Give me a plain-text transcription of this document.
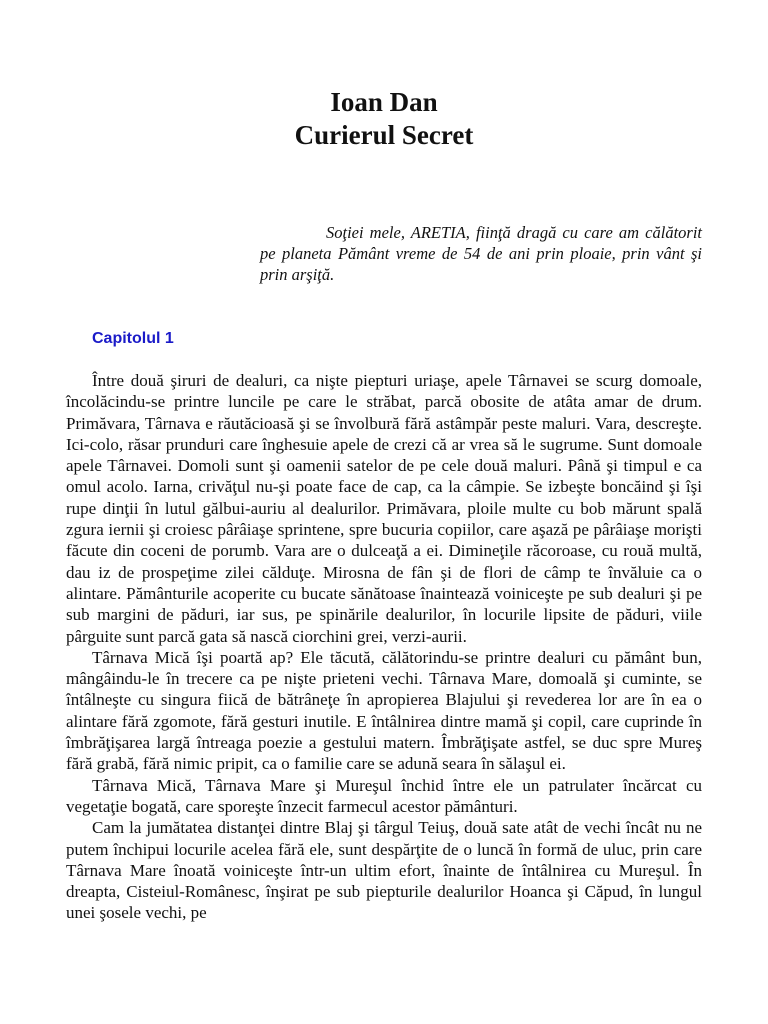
Ioan Dan
Curierul Secret
Soţiei mele, ARETIA, fiinţă dragă cu care am călătorit pe planeta Pământ vreme de 54 de ani prin ploaie, prin vânt şi prin arşiţă.
Capitolul 1

Între două şiruri de dealuri, ca nişte piepturi uriaşe, apele Târnavei se scurg domoale, încolăcindu-se printre luncile pe care le străbat, parcă obosite de atâta amar de drum. Primăvara, Târnava e răutăcioasă şi se învolbură fără astâmpăr peste maluri. Vara, descreşte. Ici-colo, răsar prunduri care înghesuie apele de crezi că ar vrea să le sugrume. Sunt domoale apele Târnavei. Domoli sunt şi oamenii satelor de pe cele două maluri. Până şi timpul e ca omul acolo. Iarna, crivăţul nu-şi poate face de cap, ca la câmpie. Se izbeşte boncăind şi îşi rupe dinţii în lutul gălbui-auriu al dealurilor. Primăvara, ploile multe cu bob mărunt spală zgura iernii şi croiesc pârâiaşe sprintene, spre bucuria copiilor, care aşază pe pârâiaşe morişti făcute din coceni de porumb. Vara are o dulceaţă a ei. Dimineţile răcoroase, cu rouă multă, dau iz de prospeţime zilei călduţe. Mirosna de fân şi de flori de câmp te învăluie ca o alintare. Pământurile acoperite cu bucate sănătoase înaintează voiniceşte pe sub dealuri şi pe sub margini de păduri, iar sus, pe spinările dealurilor, în locurile lipsite de păduri, viile pârguite sunt parcă gata să nască ciorchini grei, verzi-aurii.

Târnava Mică îşi poartă ap? Ele tăcută, călătorindu-se printre dealuri cu pământ bun, mângâindu-le în trecere ca pe nişte prieteni vechi. Târnava Mare, domoală şi cuminte, se întâlneşte cu singura fiică de bătrâneţe în apropierea Blajului şi revederea lor are în ea o alintare fără zgomote, fără gesturi inutile. E întâlnirea dintre mamă şi copil, care cuprinde în îmbrăţişarea largă întreaga poezie a gestului matern. Îmbrăţişate astfel, se duc spre Mureş fără grabă, fără nimic pripit, ca o familie care se adună seara în sălaşul ei.

Târnava Mică, Târnava Mare şi Mureşul închid între ele un patrulater încărcat cu vegetaţie bogată, care sporeşte înzecit farmecul acestor pământuri.

Cam la jumătatea distanţei dintre Blaj şi târgul Teiuş, două sate atât de vechi încât nu ne putem închipui locurile acelea fără ele, sunt despărţite de o luncă în formă de uluc, prin care Târnava Mare înoată voiniceşte într-un ultim efort, înainte de întâlnirea cu Mureşul. În dreapta, Cisteiul-Românesc, înşirat pe sub piepturile dealurilor Hoanca şi Căpud, în lungul unei şosele vechi, pe
